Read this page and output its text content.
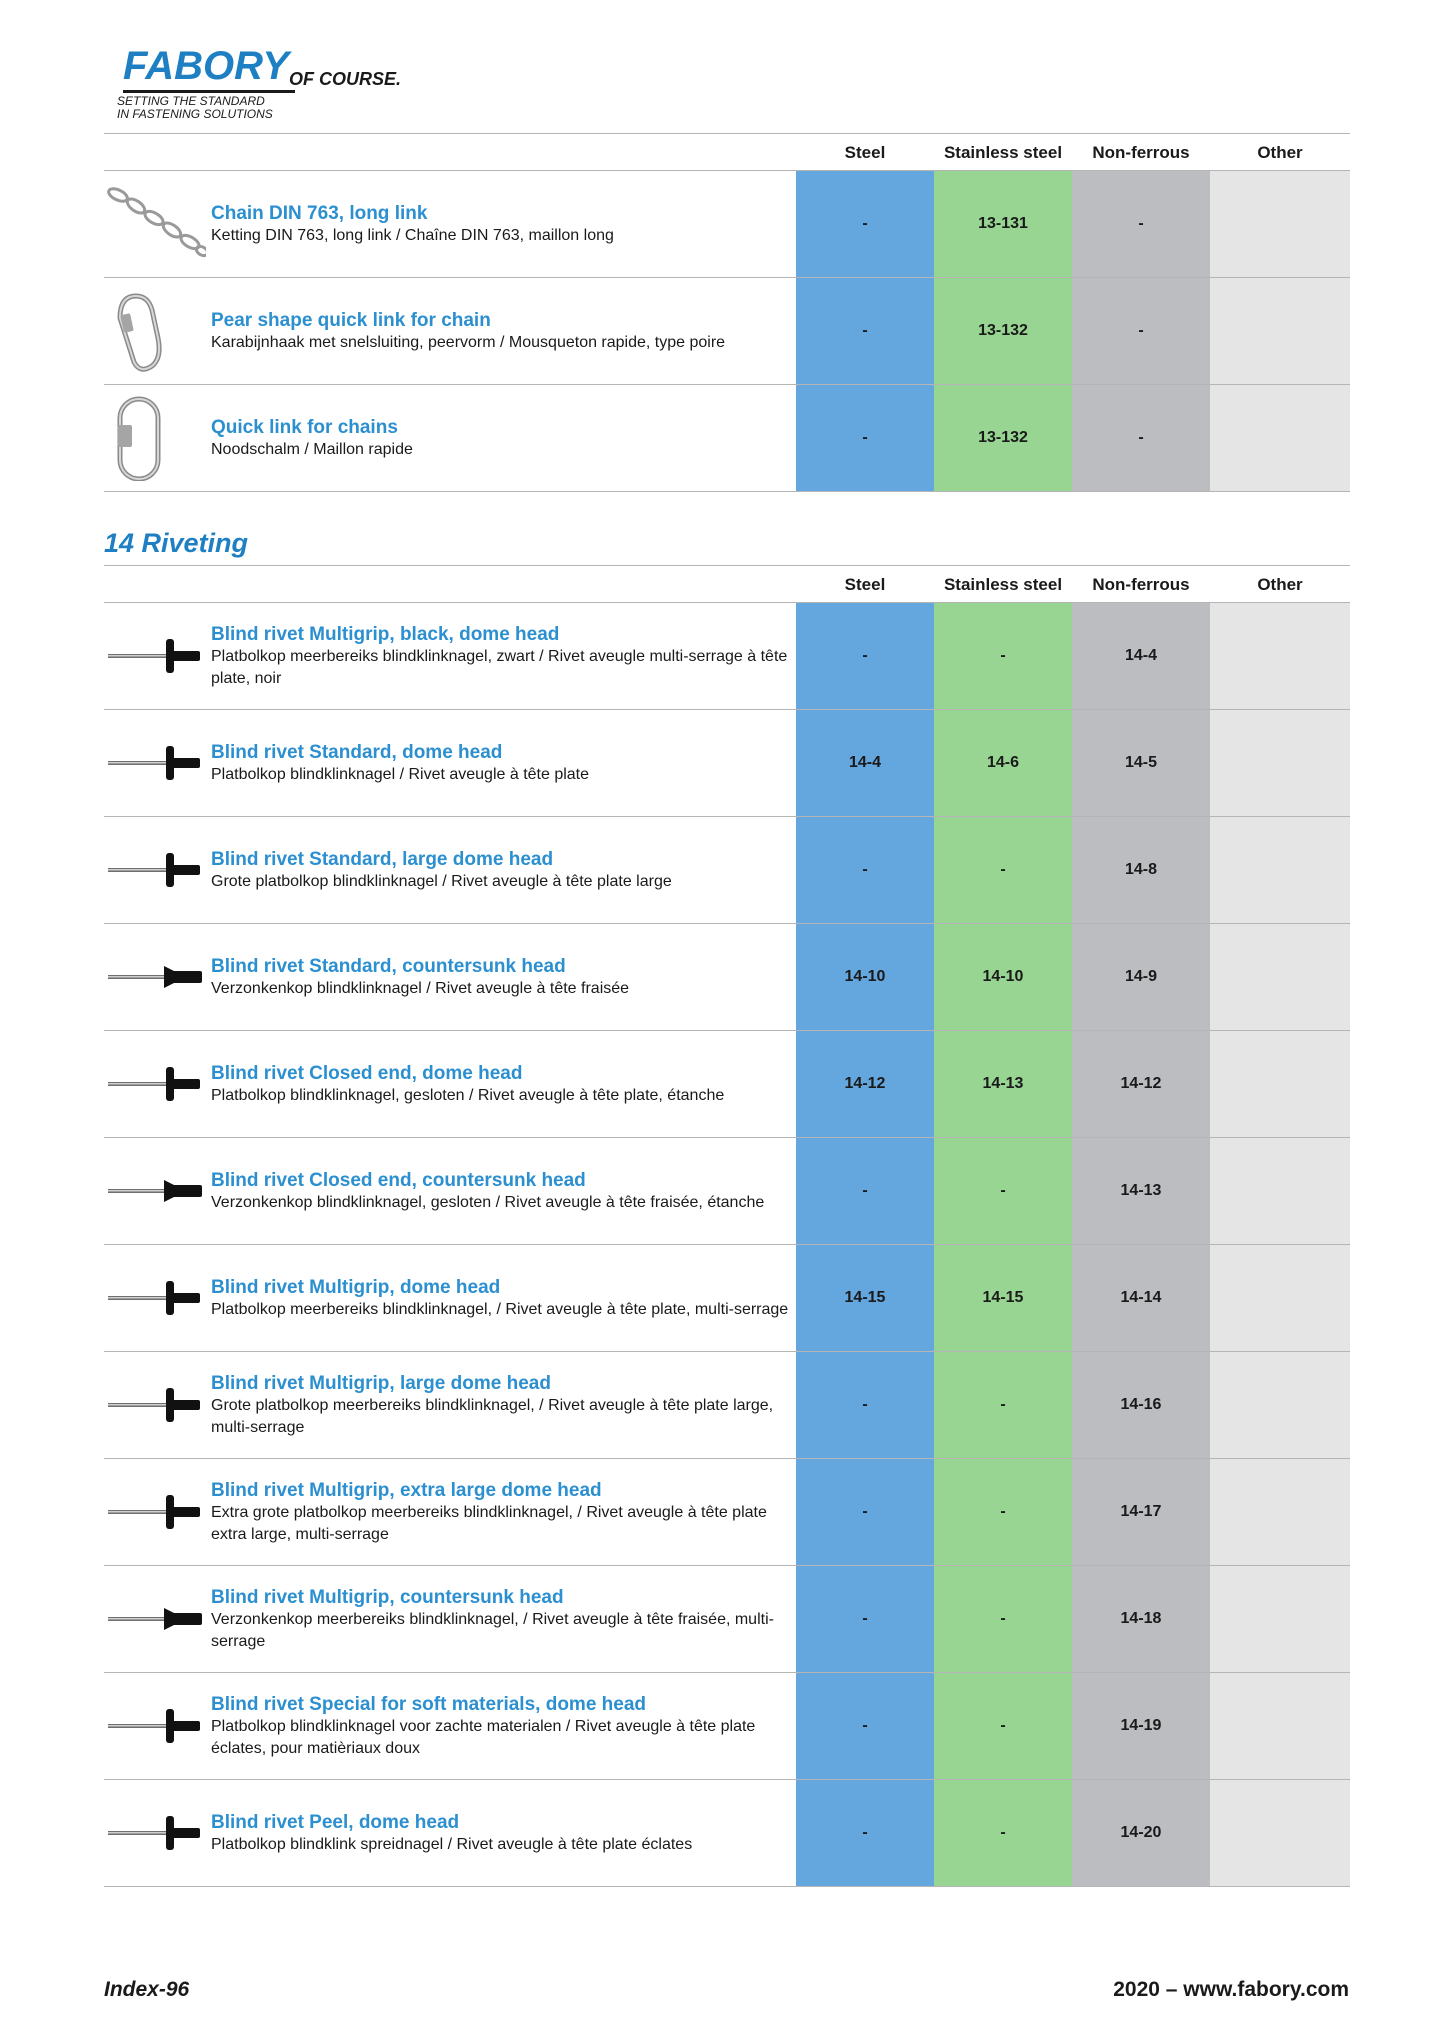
FABORY OF COURSE.
SETTING THE STANDARD
IN FASTENING SOLUTIONS
Steel	Stainless steel	Non-ferrous	Other
Chain DIN 763, long link
Ketting DIN 763, long link / Chaîne DIN 763, maillon long
-	13-131	-
Pear shape quick link for chain
Karabijnhaak met snelsluiting, peervorm / Mousqueton rapide, type poire
-	13-132	-
Quick link for chains
Noodschalm / Maillon rapide
-	13-132	-
14 Riveting
Steel	Stainless steel	Non-ferrous	Other
Blind rivet Multigrip, black, dome head
Platbolkop meerbereiks blindklinknagel, zwart / Rivet aveugle multi-serrage à tête plate, noir
-	-	14-4
Blind rivet Standard, dome head
Platbolkop blindklinknagel / Rivet aveugle à tête plate
14-4	14-6	14-5
Blind rivet Standard, large dome head
Grote platbolkop blindklinknagel / Rivet aveugle à tête plate large
-	-	14-8
Blind rivet Standard, countersunk head
Verzonkenkop blindklinknagel / Rivet aveugle à tête fraisée
14-10	14-10	14-9
Blind rivet Closed end, dome head
Platbolkop blindklinknagel, gesloten / Rivet aveugle à tête plate, étanche
14-12	14-13	14-12
Blind rivet Closed end, countersunk head
Verzonkenkop blindklinknagel, gesloten / Rivet aveugle à tête fraisée, étanche
-	-	14-13
Blind rivet Multigrip, dome head
Platbolkop meerbereiks blindklinknagel, / Rivet aveugle à tête plate, multi-serrage
14-15	14-15	14-14
Blind rivet Multigrip, large dome head
Grote platbolkop meerbereiks blindklinknagel, / Rivet aveugle à tête plate large, multi-serrage
-	-	14-16
Blind rivet Multigrip, extra large dome head
Extra grote platbolkop meerbereiks blindklinknagel, / Rivet aveugle à tête plate extra large, multi-serrage
-	-	14-17
Blind rivet Multigrip, countersunk head
Verzonkenkop meerbereiks blindklinknagel, / Rivet aveugle à tête fraisée, multi-serrage
-	-	14-18
Blind rivet Special for soft materials, dome head
Platbolkop blindklinknagel voor zachte materialen / Rivet aveugle à tête plate éclates, pour matièriaux doux
-	-	14-19
Blind rivet Peel, dome head
Platbolkop blindklink spreidnagel / Rivet aveugle à tête plate éclates
-	-	14-20
Index-96	2020 – www.fabory.com
